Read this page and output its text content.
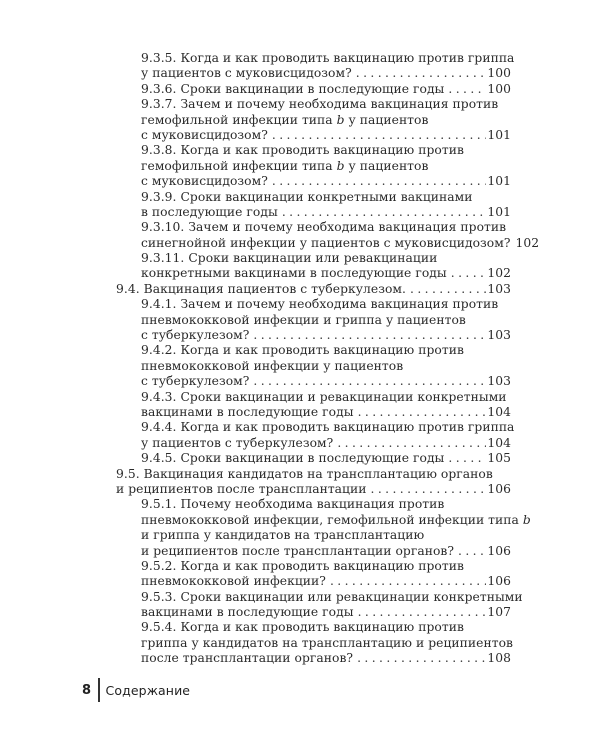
9.3.5. Когда и как проводить вакцинацию против гриппа
у пациентов с муковисцидозом? . . .	100
9.3.6. Сроки вакцинации в последующие годы . . .	100
9.3.7. Зачем и почему необходима вакцинация против
гемофильной инфекции типа b у пациентов
с муковисцидозом? . . .	101
9.3.8. Когда и как проводить вакцинацию против
гемофильной инфекции типа b у пациентов
с муковисцидозом? . . .	101
9.3.9. Сроки вакцинации конкретными вакцинами
в последующие годы . . .	101
9.3.10. Зачем и почему необходима вакцинация против
синегнойной инфекции у пациентов с муковисцидозом? 102
9.3.11. Сроки вакцинации или ревакцинации
конкретными вакцинами в последующие годы . . .	102
9.4. Вакцинация пациентов с туберкулезом. . . .	103
9.4.1. Зачем и почему необходима вакцинация против
пневмококковой инфекции и гриппа у пациентов
с туберкулезом? . . .	103
9.4.2. Когда и как проводить вакцинацию против
пневмококковой инфекции у пациентов
с туберкулезом? . . .	103
9.4.3. Сроки вакцинации и ревакцинации конкретными
вакцинами в последующие годы . . .	104
9.4.4. Когда и как проводить вакцинацию против гриппа
у пациентов с туберкулезом? . . .	104
9.4.5. Сроки вакцинации в последующие годы . . .	105
9.5. Вакцинация кандидатов на трансплантацию органов
и реципиентов после трансплантации . . .	106
9.5.1. Почему необходима вакцинация против
пневмококковой инфекции, гемофильной инфекции типа b
и гриппа у кандидатов на трансплантацию
и реципиентов после трансплантации органов? . . .	106
9.5.2. Когда и как проводить вакцинацию против
пневмококковой инфекции? . . .	106
9.5.3. Сроки вакцинации или ревакцинации конкретными
вакцинами в последующие годы . . .	107
9.5.4. Когда и как проводить вакцинацию против
гриппа у кандидатов на трансплантацию и реципиентов
после трансплантации органов? . . .	108
8 Содержание
